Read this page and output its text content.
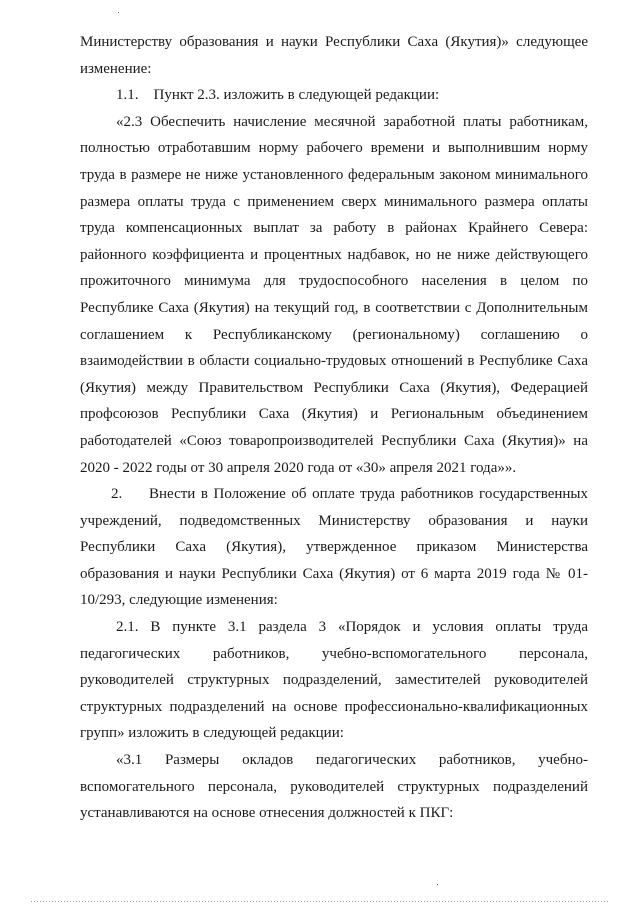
Министерству образования и науки Республики Саха (Якутия)» следующее изменение:

1.1.    Пункт 2.3. изложить в следующей редакции:

«2.3 Обеспечить начисление месячной заработной платы работникам, полностью отработавшим норму рабочего времени и выполнившим норму труда в размере не ниже установленного федеральным законом минимального размера оплаты труда с применением сверх минимального размера оплаты труда компенсационных выплат за работу в районах Крайнего Севера: районного коэффициента и процентных надбавок, но не ниже действующего прожиточного минимума для трудоспособного населения в целом по Республике Саха (Якутия) на текущий год, в соответствии с Дополнительным соглашением к Республиканскому (региональному) соглашению о взаимодействии в области социально-трудовых отношений в Республике Саха (Якутия) между Правительством Республики Саха (Якутия), Федерацией профсоюзов Республики Саха (Якутия) и Региональным объединением работодателей «Союз товаропроизводителей Республики Саха (Якутия)» на 2020 - 2022 годы от 30 апреля 2020 года от «30» апреля 2021 года»».

2. Внести в Положение об оплате труда работников государственных учреждений, подведомственных Министерству образования и науки Республики Саха (Якутия), утвержденное приказом Министерства образования и науки Республики Саха (Якутия) от 6 марта 2019 года № 01-10/293, следующие изменения:

2.1. В пункте 3.1 раздела 3 «Порядок и условия оплаты труда педагогических работников, учебно-вспомогательного персонала, руководителей структурных подразделений, заместителей руководителей структурных подразделений на основе профессионально-квалификационных групп» изложить в следующей редакции:

«3.1 Размеры окладов педагогических работников, учебно-вспомогательного персонала, руководителей структурных подразделений устанавливаются на основе отнесения должностей к ПКГ:
